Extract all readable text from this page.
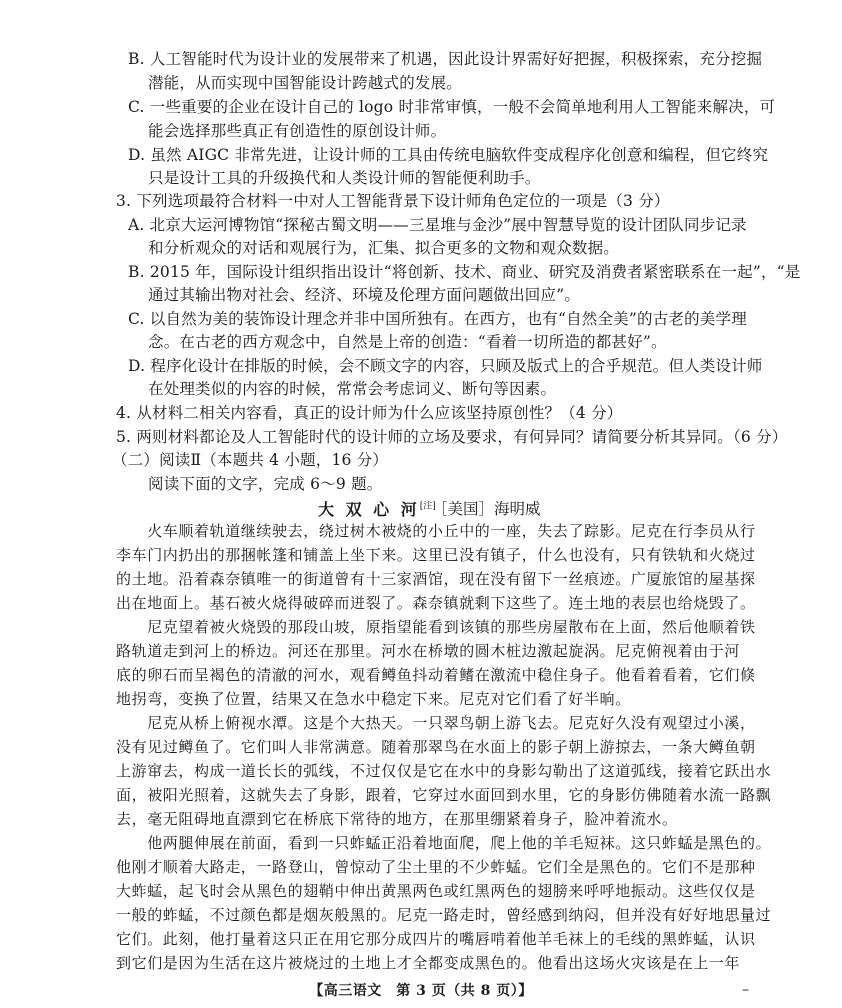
B. 人工智能时代为设计业的发展带来了机遇，因此设计界需好好把握，积极探索，充分挖掘
潜能，从而实现中国智能设计跨越式的发展。
C. 一些重要的企业在设计自己的 logo 时非常审慎，一般不会简单地利用人工智能来解决，可
能会选择那些真正有创造性的原创设计师。
D. 虽然 AIGC 非常先进，让设计师的工具由传统电脑软件变成程序化创意和编程，但它终究
只是设计工具的升级换代和人类设计师的智能便利助手。
3. 下列选项最符合材料一中对人工智能背景下设计师角色定位的一项是（3 分）
A. 北京大运河博物馆“探秘古蜀文明——三星堆与金沙”展中智慧导览的设计团队同步记录
和分析观众的对话和观展行为，汇集、拟合更多的文物和观众数据。
B. 2015 年，国际设计组织指出设计“将创新、技术、商业、研究及消费者紧密联系在一起”，“是
通过其输出物对社会、经济、环境及伦理方面问题做出回应”。
C. 以自然为美的装饰设计理念并非中国所独有。在西方，也有“自然全美”的古老的美学理
念。在古老的西方观念中，自然是上帝的创造：“看着一切所造的都甚好”。
D. 程序化设计在排版的时候，会不顾文字的内容，只顾及版式上的合乎规范。但人类设计师
在处理类似的内容的时候，常常会考虑词义、断句等因素。
4. 从材料二相关内容看，真正的设计师为什么应该坚持原创性？（4 分）
5. 两则材料都论及人工智能时代的设计师的立场及要求，有何异同？请简要分析其异同。（6 分）
（二）阅读Ⅱ（本题共 4 小题，16 分）
阅读下面的文字，完成 6～9 题。
大 双 心 河[注]
［美国］海明威
　　火车顺着轨道继续驶去，绕过树木被烧的小丘中的一座，失去了踪影。尼克在行李员从行
李车门内扔出的那捆帐篷和铺盖上坐下来。这里已没有镇子，什么也没有，只有铁轨和火烧过
的土地。沿着森奈镇唯一的街道曾有十三家酒馆，现在没有留下一丝痕迹。广厦旅馆的屋基探
出在地面上。基石被火烧得破碎而迸裂了。森奈镇就剩下这些了。连土地的表层也给烧毁了。
　　尼克望着被火烧毁的那段山坡，原指望能看到该镇的那些房屋散布在上面，然后他顺着铁
路轨道走到河上的桥边。河还在那里。河水在桥墩的圆木桩边激起旋涡。尼克俯视着由于河
底的卵石而呈褐色的清澈的河水，观看鳟鱼抖动着鳍在激流中稳住身子。他看着看着，它们倏
地拐弯，变换了位置，结果又在急水中稳定下来。尼克对它们看了好半晌。
　　尼克从桥上俯视水潭。这是个大热天。一只翠鸟朝上游飞去。尼克好久没有观望过小溪，
没有见过鳟鱼了。它们叫人非常满意。随着那翠鸟在水面上的影子朝上游掠去，一条大鳟鱼朝
上游窜去，构成一道长长的弧线，不过仅仅是它在水中的身影勾勒出了这道弧线，接着它跃出水
面，被阳光照着，这就失去了身影，跟着，它穿过水面回到水里，它的身影仿佛随着水流一路飘
去，毫无阻碍地直漂到它在桥底下常待的地方，在那里绷紧着身子，脸冲着流水。
　　他两腿伸展在前面，看到一只蚱蜢正沿着地面爬，爬上他的羊毛短袜。这只蚱蜢是黑色的。
他刚才顺着大路走，一路登山，曾惊动了尘土里的不少蚱蜢。它们全是黑色的。它们不是那种
大蚱蜢，起飞时会从黑色的翅鞘中伸出黄黑两色或红黑两色的翅膀来呼呼地振动。这些仅仅是
一般的蚱蜢，不过颜色都是烟灰般黑的。尼克一路走时，曾经感到纳闷，但并没有好好地思量过
它们。此刻，他打量着这只正在用它那分成四片的嘴唇啃着他羊毛袜上的毛线的黑蚱蜢，认识
到它们是因为生活在这片被烧过的土地上才全都变成黑色的。他看出这场火灾该是在上一年
【高三语文　第 3 页（共 8 页）】	–
